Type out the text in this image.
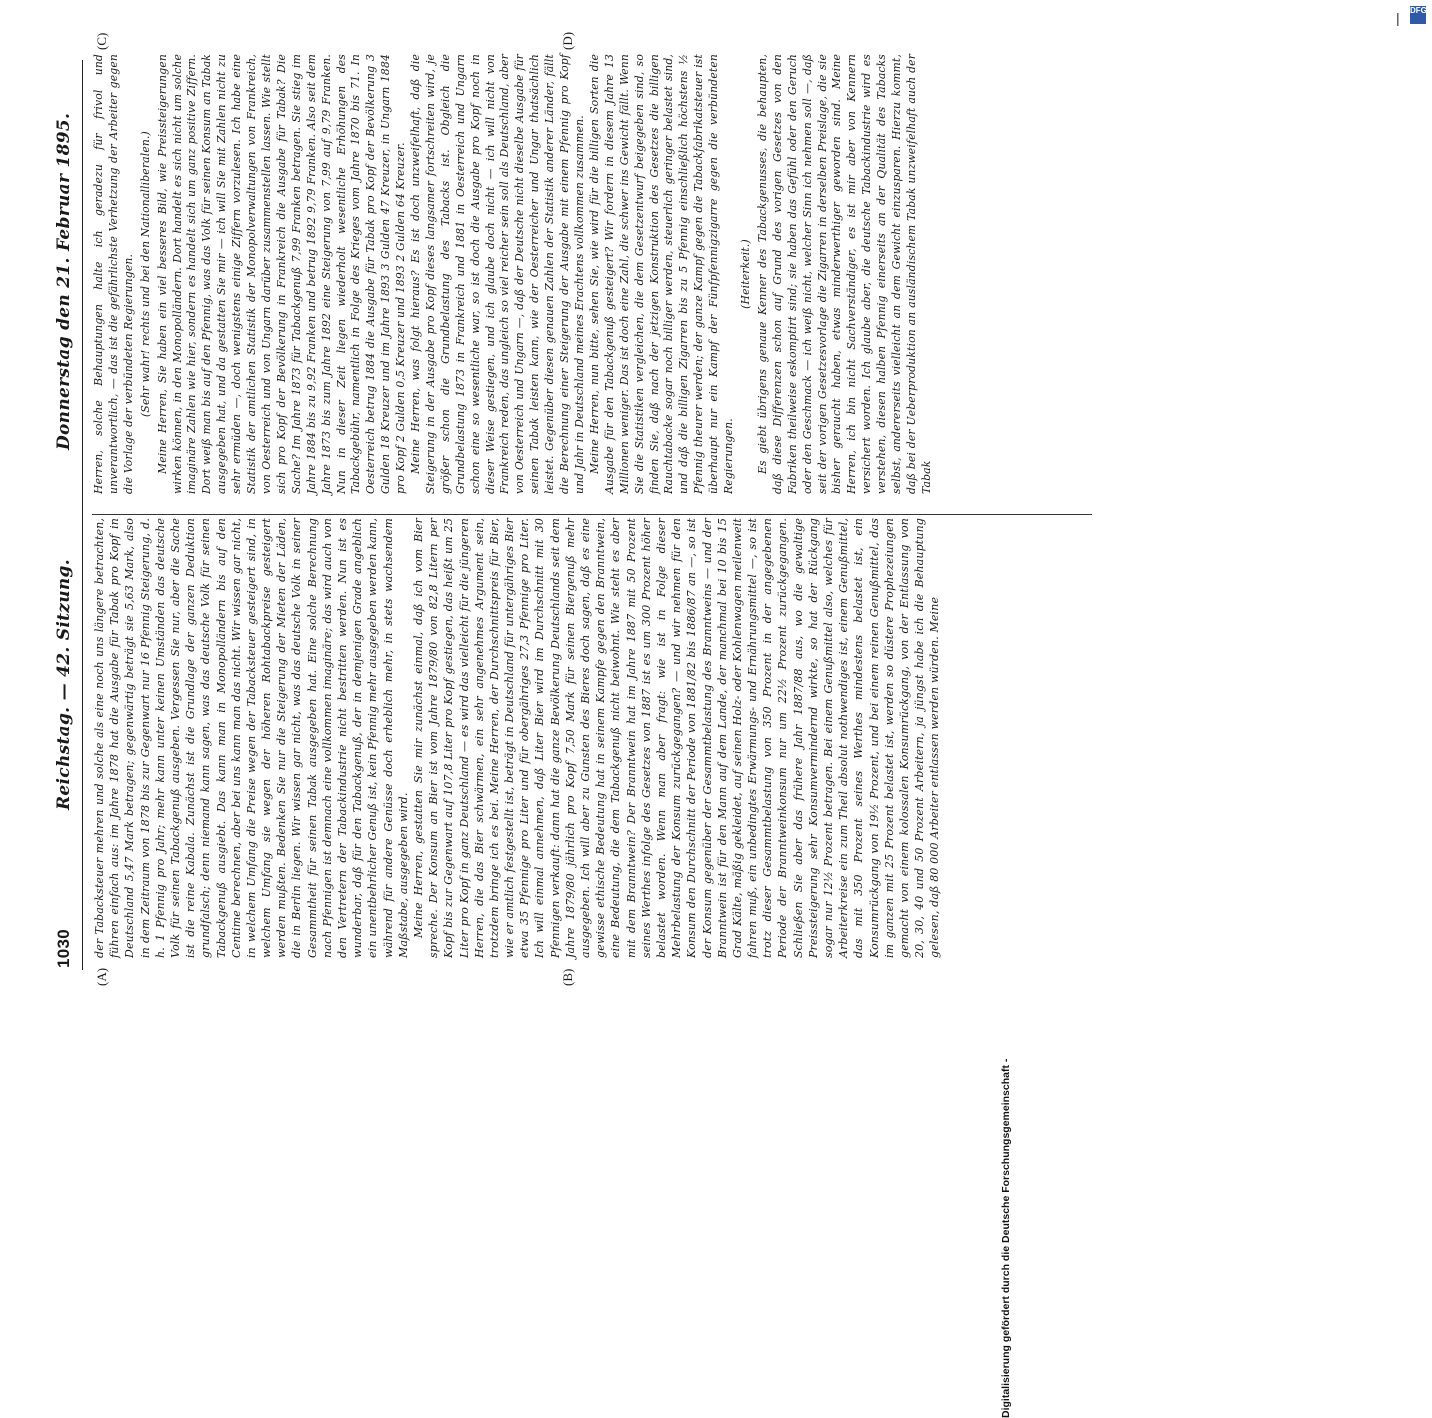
1030
Reichstag. — 42. Sitzung.
Donnerstag den 21. Februar 1895.
(A)	(B)
(C)	(D)

der Tabacksteuer mehren und solche als eine noch uns längere betrachten, führen einfach aus: im Jahre 1878 hat die Ausgabe für Tabak pro Kopf in Deutschland 5,47 Mark betragen; gegenwärtig beträgt sie 5,63 Mark, also in dem Zeitraum von 1878 bis zur Gegenwart nur 16 Pfennig Steigerung, d. h. 1 Pfennig pro Jahr; mehr kann unter keinen Umständen das deutsche Volk für seinen Tabackgenuß ausgeben. Vergessen Sie nur, aber die Sache ist die reine Kabala. Zunächst ist die Grundlage der ganzen Deduktion grundfalsch; denn niemand kann sagen, was das deutsche Volk für seinen Tabackgenuß ausgiebt. Das kann man in Monopolländern bis auf den Centime berechnen, aber bei uns kann man das nicht. Wir wissen gar nicht, in welchem Umfang die Preise wegen der Tabacksteuer gesteigert sind, in welchem Umfang sie wegen der höheren Rohtabackpreise gesteigert werden mußten. Bedenken Sie nur die Steigerung der Mieten der Läden, die in Berlin liegen. Wir wissen gar nicht, was das deutsche Volk in seiner Gesammtheit für seinen Tabak ausgegeben hat. Eine solche Berechnung nach Pfennigen ist demnach eine vollkommen imaginäre; das wird auch von den Vertretern der Tabackindustrie nicht bestritten werden. Nun ist es wunderbar, daß für den Tabackgenuß, der in demjenigen Grade angeblich ein unentbehrlicher Genuß ist, kein Pfennig mehr ausgegeben werden kann, während für andere Genüsse doch erheblich mehr, in stets wachsendem Maßstabe, ausgegeben wird. Meine Herren, gestatten Sie mir zunächst einmal, daß ich vom Bier spreche. Der Konsum an Bier ist vom Jahre 1879/80 von 82,8 Litern per Kopf bis zur Gegenwart auf 107,8 Liter pro Kopf gestiegen, das heißt um 25 Liter pro Kopf in ganz Deutschland — es wird das vielleicht für die jüngeren Herren, die das Bier schwärmen, ein sehr angenehmes Argument sein, trotzdem bringe ich es bei. Meine Herren, der Durchschnittspreis für Bier, wie er amtlich festgestellt ist, beträgt in Deutschland für untergähriges Bier etwa 35 Pfennige pro Liter und für obergähriges 27,3 Pfennige pro Liter. Ich will einmal annehmen, daß Liter Bier wird im Durchschnitt mit 30 Pfennigen verkauft: dann hat die ganze Bevölkerung Deutschlands seit dem Jahre 1879/80 jährlich pro Kopf 7,50 Mark für seinen Biergenuß mehr ausgegeben. Ich will aber zu Gunsten des Bieres doch sagen, daß es eine gewisse ethische Bedeutung hat in seinem Kampfe gegen den Branntwein, eine Bedeutung, die dem Tabackgenuß nicht beiwohnt. Wie steht es aber mit dem Branntwein? Der Branntwein hat im Jahre 1887 mit 50 Prozent seines Werthes infolge des Gesetzes von 1887 ist es um 300 Prozent höher belastet worden. Wenn man aber fragt: wie ist in Folge dieser Mehrbelastung der Konsum zurückgegangen? — und wir nehmen für den Konsum den Durchschnitt der Periode von 1881/82 bis 1886/87 an —, so ist der Konsum gegenüber der Gesammtbelastung des Branntweins — und der Branntwein ist für den Mann auf dem Lande, der manchmal bei 10 bis 15 Grad Kälte, mäßig gekleidet, auf seinen Holz- oder Kohlenwagen meilenweit fahren muß, ein unbedingtes Erwärmungs- und Ernährungsmittel —, so ist trotz dieser Gesammtbelastung von 350 Prozent in der angegebenen Periode der Branntweinkonsum nur um 22½ Prozent zurückgegangen. Schließen Sie aber das frühere Jahr 1887/88 aus, wo die gewaltige Preissteigerung sehr Konsumvermindernd wirkte, so hat der Rückgang sogar nur 12½ Prozent betragen. Bei einem Genußmittel also, welches für Arbeiterkreise ein zum Theil absolut nothwendiges ist, einem Genußmittel, das mit 350 Prozent seines Werthes mindestens belastet ist, ein Konsumrückgang von 19½ Prozent, und bei einem reinen Genußmittel, das im ganzen mit 25 Prozent belastet ist, werden so düstere Prophezeiungen gemacht von einem kolossalen Konsumrückgang, von der Entlassung von 20, 30, 40 und 50 Prozent Arbeitern, ja jüngst habe ich die Behauptung gelesen, daß 80 000 Arbeiter entlassen werden würden. Meine

Herren, solche Behauptungen halte ich geradezu für frivol und unverantwortlich, — das ist die gefährlichste Verhetzung der Arbeiter gegen die Vorlage der verbündeten Regierungen. (Sehr wahr! rechts und bei den Nationalliberalen.) Meine Herren, Sie haben ein viel besseres Bild, wie Preissteigerungen wirken können, in den Monopolländern. Dort handelt es sich nicht um solche imaginäre Zahlen wie hier, sondern es handelt sich um ganz positive Ziffern. Dort weiß man bis auf den Pfennig, was das Volk für seinen Konsum an Tabak ausgegeben hat, und da gestatten Sie mir — ich will Sie mit Zahlen nicht zu sehr ermüden —, doch wenigstens einige Ziffern vorzulesen. Ich habe eine Statistik der amtlichen Statistik der Monopolverwaltungen von Frankreich, von Oesterreich und von Ungarn darüber zusammenstellen lassen. Wie stellt sich pro Kopf der Bevölkerung in Frankreich die Ausgabe für Tabak? Die Sache? Im Jahre 1873 für Tabackgenuß 7,99 Franken betragen. Sie stieg im Jahre 1884 bis zu 9,92 Franken und betrug 1892 9,79 Franken. Also seit dem Jahre 1873 bis zum Jahre 1892 eine Steigerung von 7,99 auf 9,79 Franken. Nun in dieser Zeit liegen wiederholt wesentliche Erhöhungen des Tabackgebühr, namentlich in Folge des Krieges vom Jahre 1870 bis 71. In Oesterreich betrug 1884 die Ausgabe für Tabak pro Kopf der Bevölkerung 3 Gulden 18 Kreuzer und im Jahre 1893 3 Gulden 47 Kreuzer, in Ungarn 1884 pro Kopf 2 Gulden 0,5 Kreuzer und 1893 2 Gulden 64 Kreuzer. Meine Herren, was folgt hieraus? Es ist doch unzweifelhaft, daß die Steigerung in der Ausgabe pro Kopf dieses langsamer fortschreiten wird, je größer schon die Grundbelastung des Tabacks ist. Obgleich die Grundbelastung 1873 in Frankreich und 1881 in Oesterreich und Ungarn schon eine so wesentliche war, so ist doch die Ausgabe pro Kopf noch in dieser Weise gestiegen, und ich glaube doch nicht — ich will nicht von Frankreich reden, das ungleich so viel reicher sein soll als Deutschland, aber von Oesterreich und Ungarn —, daß der Deutsche nicht dieselbe Ausgabe für seinen Tabak leisten kann, wie der Oesterreicher und Ungar thatsächlich leistet. Gegenüber diesen genauen Zahlen der Statistik anderer Länder, fällt die Berechnung einer Steigerung der Ausgabe mit einem Pfennig pro Kopf und Jahr in Deutschland meines Erachtens vollkommen zusammen. Meine Herren, nun bitte, sehen Sie, wie wird für die billigen Sorten die Ausgabe für den Tabackgenuß gesteigert? Wir fordern in diesem Jahre 13 Millionen weniger. Das ist doch eine Zahl, die schwer ins Gewicht fällt. Wenn Sie die Statistiken vergleichen, die dem Gesetzentwurf beigegeben sind, so finden Sie, daß nach der jetzigen Konstruktion des Gesetzes die billigen Rauchtabacke sogar noch billiger werden, steuerlich geringer belastet sind, und daß die billigen Zigarren bis zu 5 Pfennig einschließlich höchstens ½ Pfennig theurer werden; der ganze Kampf gegen die Tabackfabrikatsteuer ist überhaupt nur ein Kampf der Fünfpfennigzigarre gegen die verbündeten Regierungen.

(Heiterkeit.) Es giebt übrigens genaue Kenner des Tabackgenusses, die behaupten, daß diese Differenzen schon auf Grund des vorigen Gesetzes von den Fabriken theilweise eskomptirt sind; sie haben das Gefühl oder den Geruch oder den Geschmack — ich weiß nicht, welcher Sinn ich nehmen soll —, daß seit der vorigen Gesetzesvorlage die Zigarren in derselben Preislage, die sie bisher geraucht haben, etwas minderwerthiger geworden sind. Meine Herren, ich bin nicht Sachverständiger, es ist mir aber von Kennern versichert worden. Ich glaube aber, die deutsche Tabackindustrie wird es verstehen, diesen halben Pfennig einerseits an der Qualität des Tabacks selbst, andererseits vielleicht an dem Gewicht einzusparen. Hierzu kommt, daß bei der Ueberproduktion an ausländischem Tabak unzweifelhaft auch der Tabak

| DFG
Digitalisierung gefördert durch die Deutsche Forschungsgemeinschaft -
